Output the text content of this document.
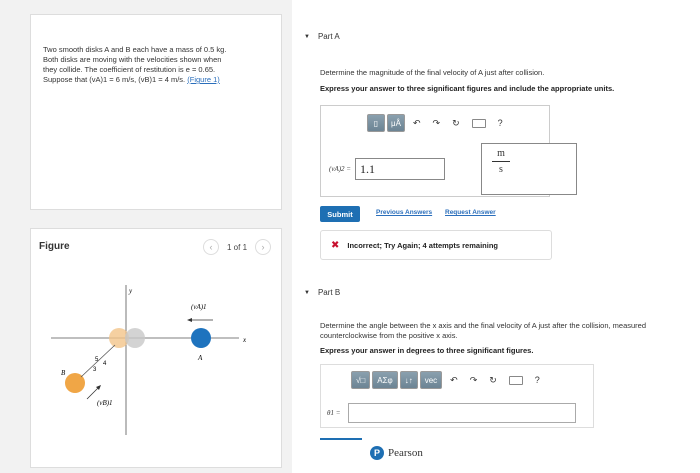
Two smooth disks A and B each have a mass of 0.5 kg.
Both disks are moving with the velocities shown when
they collide. The coefficient of restitution is e = 0.65.
Suppose that (vA)1 = 6 m/s, (vB)1 = 4 m/s. (Figure 1)
Figure	‹	1 of 1	›
y
x
A
(vA)1
B
(vB)1
5
4
3
▼ Part A
Determine the magnitude of the final velocity of A just after collision.
Express your answer to three significant figures and include the appropriate units.
▯ μÅ ↶ ↷ ↻	?
(vA)2 = 1.1
m
s
Submit	Previous Answers Request Answer
✖ Incorrect; Try Again; 4 attempts remaining
▼ Part B
Determine the angle between the x axis and the final velocity of A just after the collision, measured counterclockwise from the positive x axis.
Express your answer in degrees to three significant figures.
√□	ΑΣφ	↓↑	vec	↶ ↷ ↻	?
θ1 =
P Pearson
